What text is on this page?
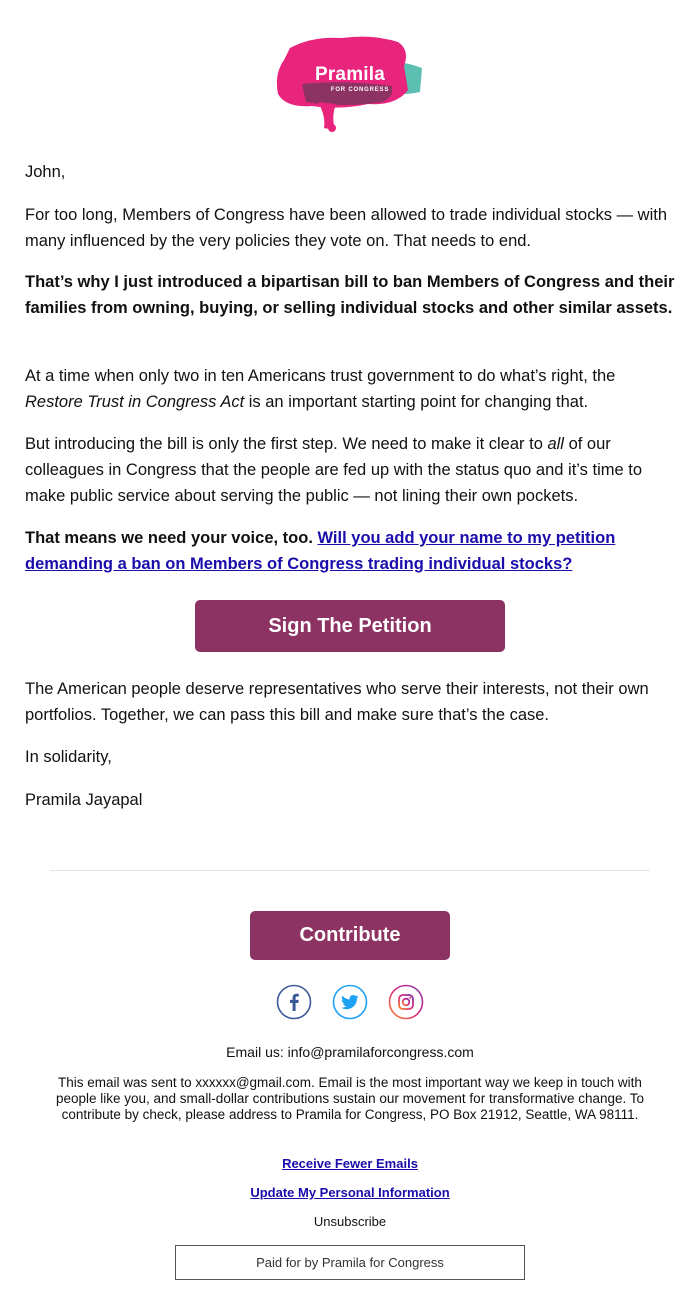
Pramila
FOR CONGRESS

John,

For too long, Members of Congress have been allowed to trade individual stocks — with many influenced by the very policies they vote on. That needs to end.

That’s why I just introduced a bipartisan bill to ban Members of Congress and their families from owning, buying, or selling individual stocks and other similar assets.

At a time when only two in ten Americans trust government to do what’s right, the Restore Trust in Congress Act is an important starting point for changing that.

But introducing the bill is only the first step. We need to make it clear to all of our colleagues in Congress that the people are fed up with the status quo and it’s time to make public service about serving the public — not lining their own pockets.

That means we need your voice, too. Will you add your name to my petition demanding a ban on Members of Congress trading individual stocks?

Sign The Petition

The American people deserve representatives who serve their interests, not their own portfolios. Together, we can pass this bill and make sure that’s the case.

In solidarity,

Pramila Jayapal

Contribute

Email us: info@pramilaforcongress.com

This email was sent to xxxxxx@gmail.com. Email is the most important way we keep in touch with people like you, and small-dollar contributions sustain our movement for transformative change. To contribute by check, please address to Pramila for Congress, PO Box 21912, Seattle, WA 98111.

Receive Fewer Emails

Update My Personal Information

Unsubscribe

Paid for by Pramila for Congress
